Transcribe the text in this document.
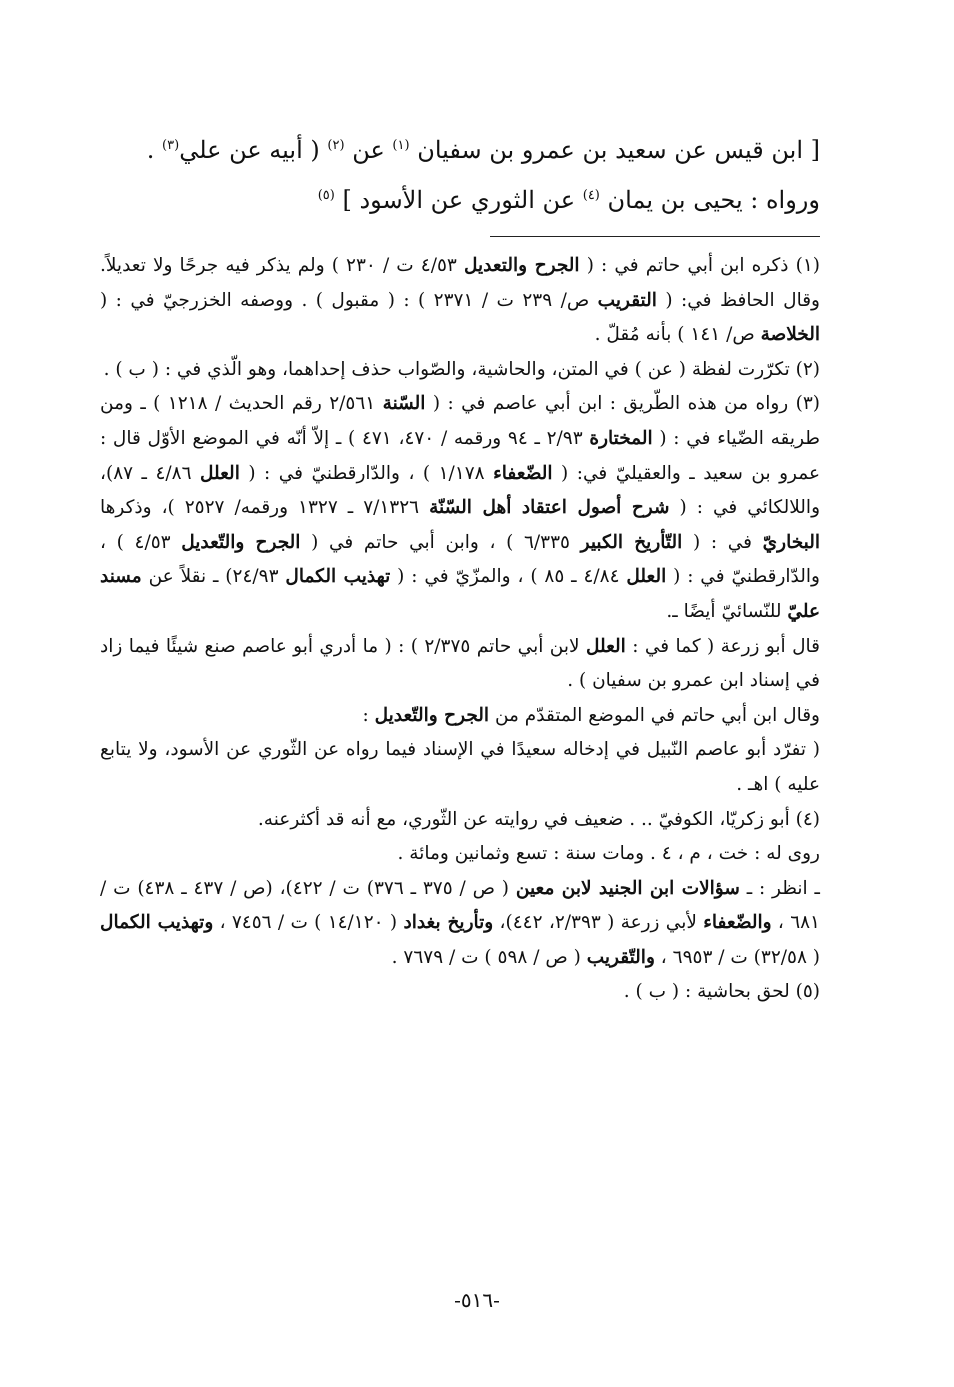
[ ابن قيس عن سعيد بن عمرو بن سفيان $^{(١)}$ عن $^{(٢)}$ ( أبيه عن علي$^{(٣)}$ .

ورواه : يحيى بن يمان $^{(٤)}$ عن الثوري عن الأسود ] $^{(٥)}$

(١) ذكره ابن أبي حاتم في : ( الجرح والتعديل ٤/٥٣ ت / ٢٣٠ ) ولم يذكر فيه جرحًا ولا تعديلاً. وقال الحافظ في: ( التقريب ص/ ٢٣٩ ت / ٢٣٧١ ) : ( مقبول ) . ووصفه الخزرجيّ في : ( الخلاصة ص/ ١٤١ ) بأنه مُقلّ .

(٢) تكرّرت لفظة ( عن ) في المتن، والحاشية، والصّواب حذف إحداهما، وهو الّذي في : ( ب ) .

(٣) رواه من هذه الطّريق : ابن أبي عاصم في : ( السّنة ٢/٥٦١ رقم الحديث / ١٢١٨ ) ـ ومن طريقه الضّياء في : ( المختارة ٢/٩٣ ـ ٩٤ ورقمه / ٤٧٠، ٤٧١ ) ـ إلاّ أنّه في الموضع الأوّل قال : عمرو بن سعيد ـ والعقيليّ في: ( الضّعفاء ١/١٧٨ ) ، والدّارقطنيّ في : ( العلل ٤/٨٦ ـ ٨٧)، واللالكائي في : ( شرح أصول اعتقاد أهل السّنّة ٧/١٣٢٦ ـ ١٣٢٧ ورقمه/ ٢٥٢٧ )، وذكرها البخاريّ في : ( التّأريخ الكبير ٦/٣٣٥ ) ، وابن أبي حاتم في ( الجرح والتّعديل ٤/٥٣ ) ، والدّارقطنيّ في : ( العلل ٤/٨٤ ـ ٨٥ ) ، والمزّيّ في : ( تهذيب الكمال ٢٤/٩٣) ـ نقلاً عن مسند عليّ للنّسائيّ أيضًا ـ.

قال أبو زرعة ( كما في : العلل لابن أبي حاتم ٢/٣٧٥ ) : ( ما أدري أبو عاصم صنع شيئًا فيما زاد في إسناد ابن عمرو بن سفيان ) .

وقال ابن أبي حاتم في الموضع المتقدّم من الجرح والتّعديل :

( تفرّد أبو عاصم النّبيل في إدخاله سعيدًا في الإسناد فيما رواه عن الثّوري عن الأسود، ولا يتابع عليه ) اهـ .

(٤) أبو زكريّا، الكوفيّ .. . ضعيف في روايته عن الثّوري، مع أنه قد أكثرعنه.

روى له : خت ، م ، ٤ . ومات سنة : تسع وثمانين ومائة .

ـ انظر : ـ سؤالات ابن الجنيد لابن معين ( ص / ٣٧٥ ـ ٣٧٦) ت / ٤٢٢)، (ص / ٤٣٧ ـ ٤٣٨) ت / ٦٨١ ، والضّعفاء لأبي زرعة ( ٢/٣٩٣، ٤٤٢)، وتأريخ بغداد ( ١٤/١٢٠ ) ت / ٧٤٥٦ ، وتهذيب الكمال ( ٣٢/٥٨) ت / ٦٩٥٣ ، والتّقريب ( ص / ٥٩٨ ) ت / ٧٦٧٩ .

(٥) لحق بحاشية : ( ب ) .

-٥١٦-
